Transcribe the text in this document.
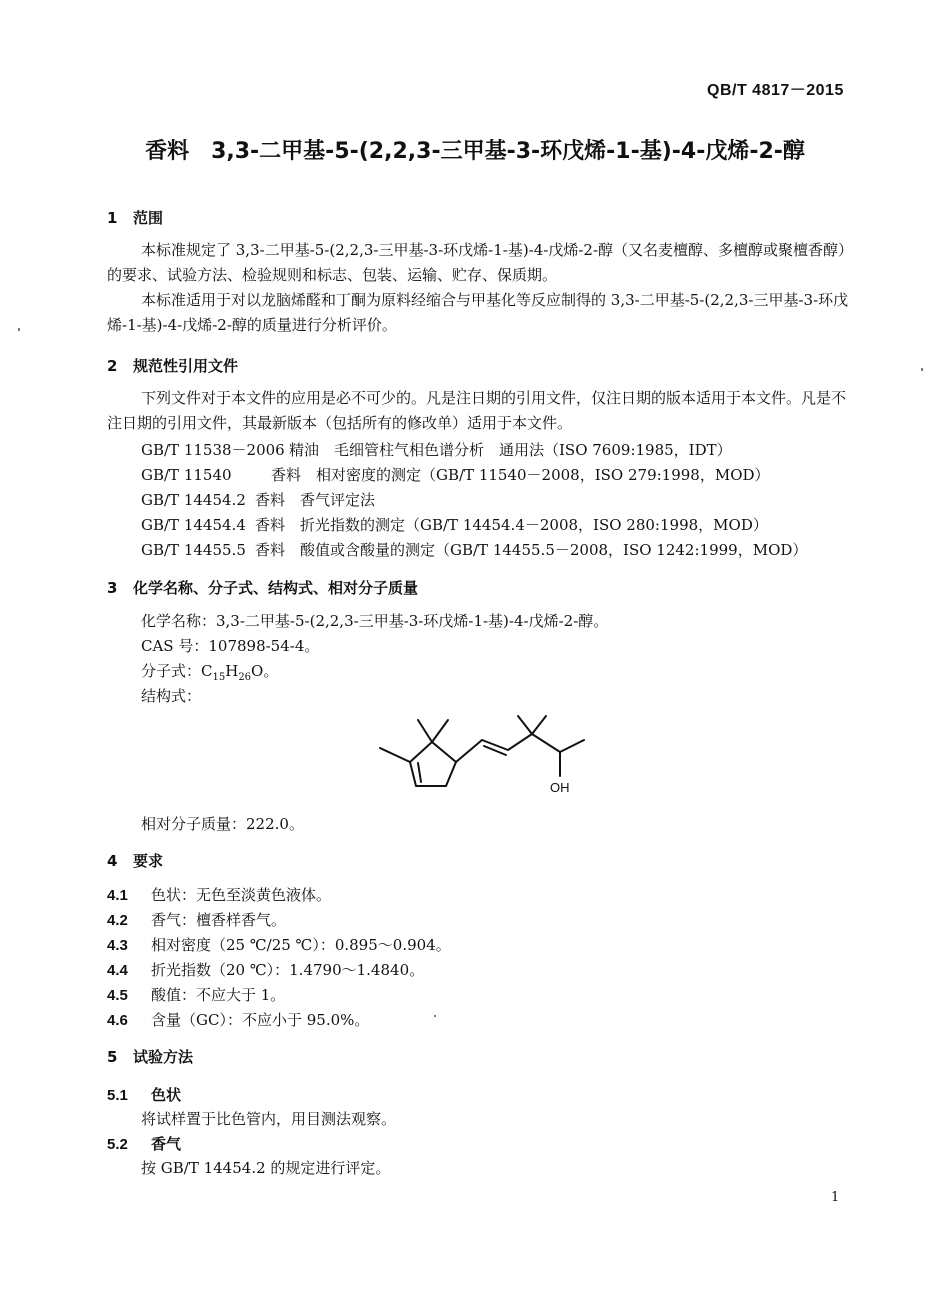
QB/T 4817－2015
香料　3,3-二甲基-5-(2,2,3-三甲基-3-环戊烯-1-基)-4-戊烯-2-醇
1 范围
本标准规定了 3,3-二甲基-5-(2,2,3-三甲基-3-环戊烯-1-基)-4-戊烯-2-醇（又名麦檀醇、多檀醇或聚檀香醇）的要求、试验方法、检验规则和标志、包装、运输、贮存、保质期。
本标准适用于对以龙脑烯醛和丁酮为原料经缩合与甲基化等反应制得的 3,3-二甲基-5-(2,2,3-三甲基-3-环戊烯-1-基)-4-戊烯-2-醇的质量进行分析评价。
2 规范性引用文件
下列文件对于本文件的应用是必不可少的。凡是注日期的引用文件，仅注日期的版本适用于本文件。凡是不注日期的引用文件，其最新版本（包括所有的修改单）适用于本文件。
GB/T 11538－2006 精油　毛细管柱气相色谱分析　通用法（ISO 7609:1985，IDT）
GB/T 11540	香料　相对密度的测定（GB/T 11540－2008，ISO 279:1998，MOD）
GB/T 14454.2 香料　香气评定法
GB/T 14454.4 香料　折光指数的测定（GB/T 14454.4－2008，ISO 280:1998，MOD）
GB/T 14455.5 香料　酸值或含酸量的测定（GB/T 14455.5－2008，ISO 1242:1999，MOD）
3 化学名称、分子式、结构式、相对分子质量
化学名称：3,3-二甲基-5-(2,2,3-三甲基-3-环戊烯-1-基)-4-戊烯-2-醇。
CAS 号：107898-54-4。
分子式：$C_{15}H_{26}O$。
结构式：
OH
相对分子质量：222.0。
4 要求
4.1 色状：无色至淡黄色液体。
4.2 香气：檀香样香气。
4.3 相对密度（25 ℃/25 ℃）：0.895～0.904。
4.4 折光指数（20 ℃）：1.4790～1.4840。
4.5 酸值：不应大于 1。
4.6 含量（GC）：不应小于 95.0%。
5 试验方法
5.1 色状
将试样置于比色管内，用目测法观察。
5.2 香气
按 GB/T 14454.2 的规定进行评定。
1
